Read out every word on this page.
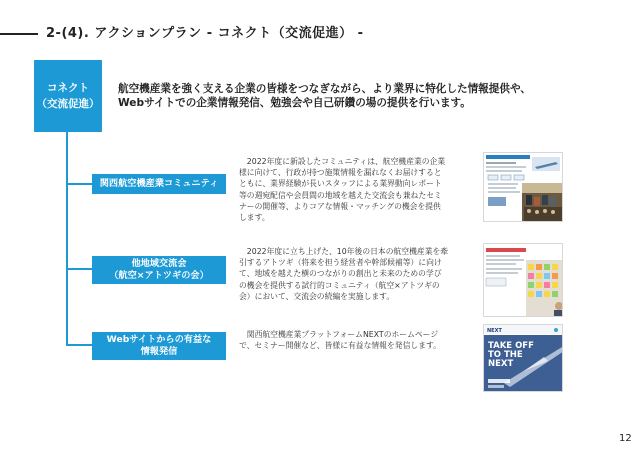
2-(4). アクションプラン - コネクト（交流促進） -
コネクト
（交流促進）
航空機産業を強く支える企業の皆様をつなぎながら、より業界に特化した情報提供や、
Webサイトでの企業情報発信、勉強会や自己研鑽の場の提供を行います。
関西航空機産業コミュニティ
　2022年度に新設したコミュニティは、航空機産業の企業
様に向けて、行政が持つ施策情報を漏れなくお届けすると
ともに、業界経験が長いスタッフによる業界動向レポート
等の週宛配信や会員間の地域を越えた交流会も兼ねたセミ
ナーの開催等、よりコアな情報・マッチングの機会を提供
します。
他地域交流会
（航空×アトツギの会）
　2022年度に立ち上げた、10年後の日本の航空機産業を牽
引するアトツギ（将来を担う経営者や幹部候補等）に向け
て、地域を越えた横のつながりの創出と未来のための学び
の機会を提供する試行的コミュニティ（航空×アトツギの
会）において、交流会の続編を実施します。
Webサイトからの有益な
情報発信
　関西航空機産業プラットフォームNEXTのホームページ
で、セミナー開催など、皆様に有益な情報を発信します。
NEXT
TAKE OFF
TO THE
NEXT
12
